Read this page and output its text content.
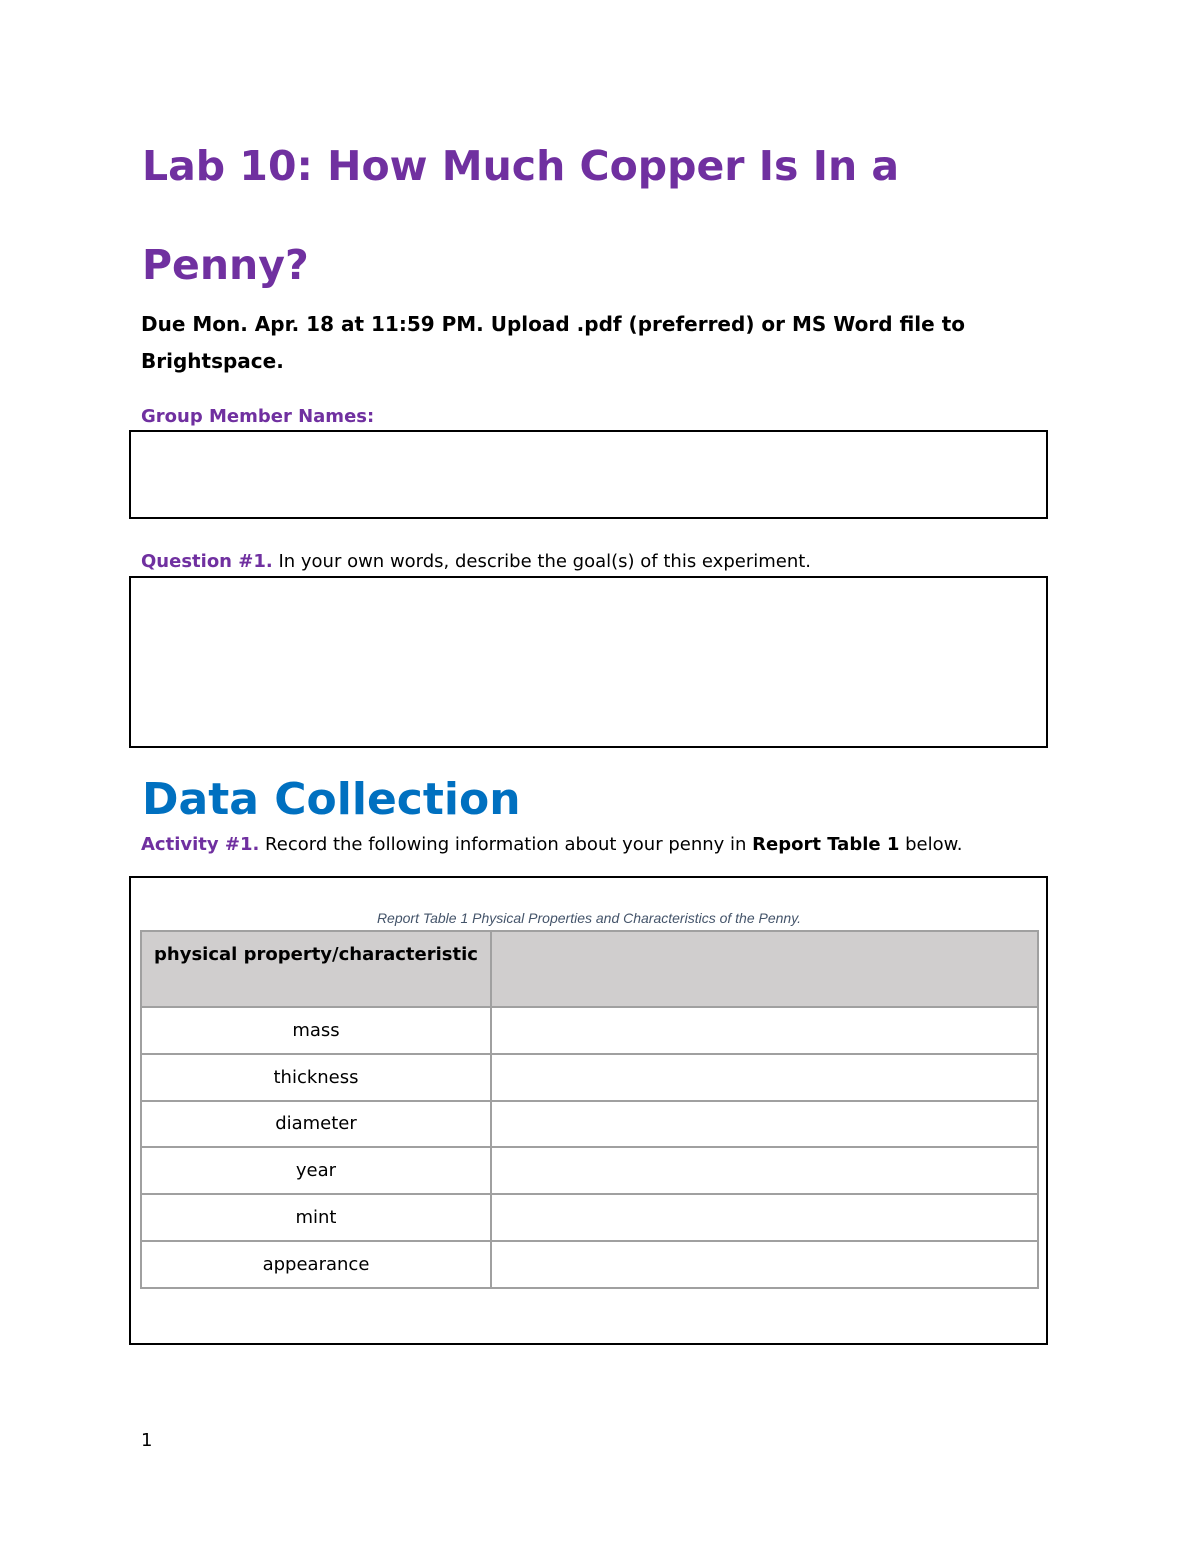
Lab 10: How Much Copper Is In a
Penny?
Due Mon. Apr. 18 at 11:59 PM. Upload .pdf (preferred) or MS Word file to Brightspace.
Group Member Names:
Question #1. In your own words, describe the goal(s) of this experiment.
Data Collection
Activity #1. Record the following information about your penny in Report Table 1 below.
Report Table 1 Physical Properties and Characteristics of the Penny.
physical property/characteristic	
mass	
thickness	
diameter	
year	
mint	
appearance	
1
